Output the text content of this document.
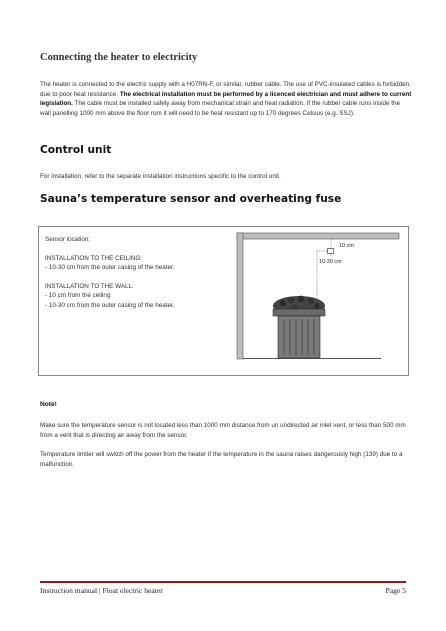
Connecting the heater to electricity
The heater is connected to the electric supply with a H07RN-F, or similar, rubber cable. The use of PVC-insulated cables is forbidden due to poor heat resistance. The electrical installation must be performed by a licenced electrician and must adhere to current legislation. The cable must be installed safely away from mechanical strain and heat radiation. If the rubber cable runs inside the wall panelling 1000 mm above the floor rom it will need to be heat resistant up to 170 degrees Celsius (e.g. SSJ).
Control unit
For installation, refer to the separate installation instructions specific to the control unit.
Sauna’s temperature sensor and overheating fuse
Sensor location:
INSTALLATION TO THE CEILING:
- 10-30 cm from the outer casing of the heater.
INSTALLATION TO THE WALL:
- 10 cm from the ceiling
- 10-30 cm from the outer casing of the heater.
10 cm
10-30 cm
Note!
Make sure the temperature sensor is not located less than 1000 mm distance from un undirected air inlet vent, or less than 500 mm from a vent that is directing air away from the sensor.
Temperature limiter will switch off the power from the heater if the temperature in the sauna raises dangerously high (139) due to a malfunction.
Instruction manual | Float electric heater	Page 5
